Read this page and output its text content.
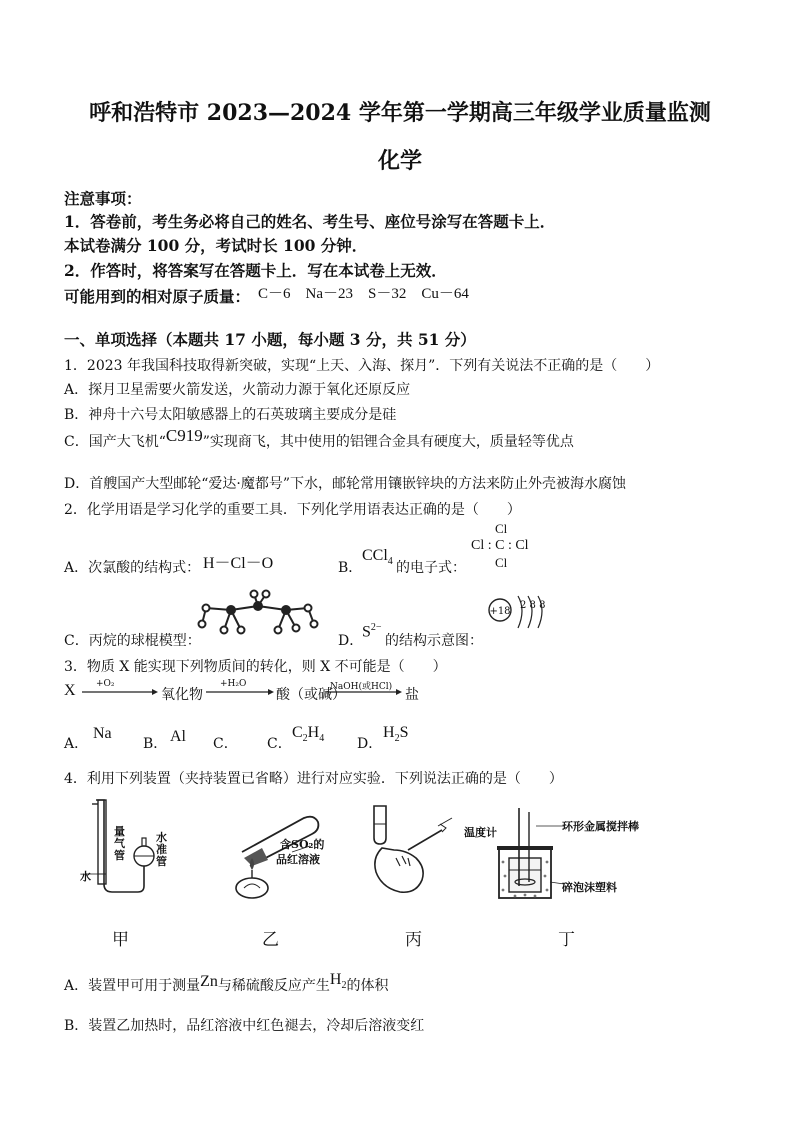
呼和浩特市 2023—2024 学年第一学期高三年级学业质量监测
化学
注意事项：
1．答卷前，考生务必将自己的姓名、考生号、座位号涂写在答题卡上．
本试卷满分 100 分，考试时长 100 分钟．
2．作答时，将答案写在答题卡上．写在本试卷上无效．
可能用到的相对原子质量： C－6　Na－23　S－32　Cu－64
一、单项选择（本题共 17 小题，每小题 3 分，共 51 分）
1．2023 年我国科技取得新突破，实现“上天、入海、探月”．下列有关说法不正确的是（　　）
A．探月卫星需要火箭发送，火箭动力源于氧化还原反应
B．神舟十六号太阳敏感器上的石英玻璃主要成分是硅
C．国产大飞机“C919”实现商飞，其中使用的铝锂合金具有硬度大，质量轻等优点
D．首艘国产大型邮轮“爱达·魔都号”下水，邮轮常用镶嵌锌块的方法来防止外壳被海水腐蚀
2．化学用语是学习化学的重要工具．下列化学用语表达正确的是（　　）
A．次氯酸的结构式： H－Cl－O	B．
CCl$_4$ 的电子式：
Cl
Cl : C : Cl
Cl
C．丙烷的球棍模型：	D．
$S^{2-}$
的结构示意图：
+18
2 8 8
3．物质 X 能实现下列物质间的转化，则 X 不可能是（　　）
X +O₂
氧化物
+H₂O
酸（或碱）
NaOH(或HCl) 盐
A．
Na
B． Al C． C．
$C_2H_4$ D．
$H_2S$
4．利用下列装置（夹持装置已省略）进行对应实验．下列说法正确的是（　　）
量
气
管
水
准
管
水
含SO₂的
品红溶液
温度计	环形金属搅拌棒
碎泡沫塑料
甲	乙	丙	丁
A．装置甲可用于测量Zn与稀硫酸反应产生$H_2$的体积
B．装置乙加热时，品红溶液中红色褪去，冷却后溶液变红
